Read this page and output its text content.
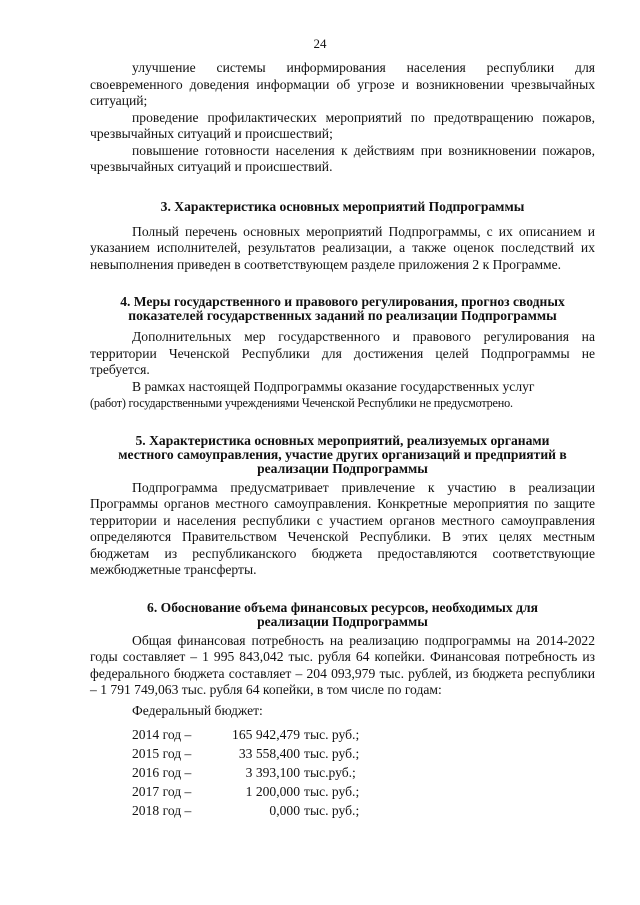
24

улучшение системы информирования населения республики для своевременного доведения информации об угрозе и возникновении чрезвычайных ситуаций;

проведение профилактических мероприятий по предотвращению пожаров, чрезвычайных ситуаций и происшествий;

повышение готовности населения к действиям при возникновении пожаров, чрезвычайных ситуаций и происшествий.

3. Характеристика основных мероприятий Подпрограммы

Полный перечень основных мероприятий Подпрограммы, с их описанием и указанием исполнителей, результатов реализации, а также оценок последствий их невыполнения приведен в соответствующем разделе приложения 2 к Программе.

4. Меры государственного и правового регулирования, прогноз сводных
показателей государственных заданий по реализации Подпрограммы

Дополнительных мер государственного и правового регулирования на территории Чеченской Республики для достижения целей Подпрограммы не требуется.

В рамках настоящей Подпрограммы оказание государственных услуг
(работ) государственными учреждениями Чеченской Республики не предусмотрено.

5. Характеристика основных мероприятий, реализуемых органами
местного самоуправления, участие других организаций и предприятий в
реализации Подпрограммы

Подпрограмма предусматривает привлечение к участию в реализации Программы органов местного самоуправления. Конкретные мероприятия по защите территории и населения республики с участием органов местного самоуправления определяются Правительством Чеченской Республики. В этих целях местным бюджетам из республиканского бюджета предоставляются соответствующие межбюджетные трансферты.

6. Обоснование объема финансовых ресурсов, необходимых для
реализации Подпрограммы

Общая финансовая потребность на реализацию подпрограммы на 2014-2022 годы составляет – 1 995 843,042 тыс. рубля 64 копейки. Финансовая потребность из федерального бюджета составляет – 204 093,979 тыс. рублей, из бюджета республики – 1 791 749,063 тыс. рубля 64 копейки, в том числе по годам:

Федеральный бюджет:

2014 год –	165 942,479 тыс. руб.;
2015 год –	33 558,400 тыс. руб.;
2016 год –	3 393,100 тыс.руб.;
2017 год –	1 200,000 тыс. руб.;
2018 год –	0,000 тыс. руб.;
